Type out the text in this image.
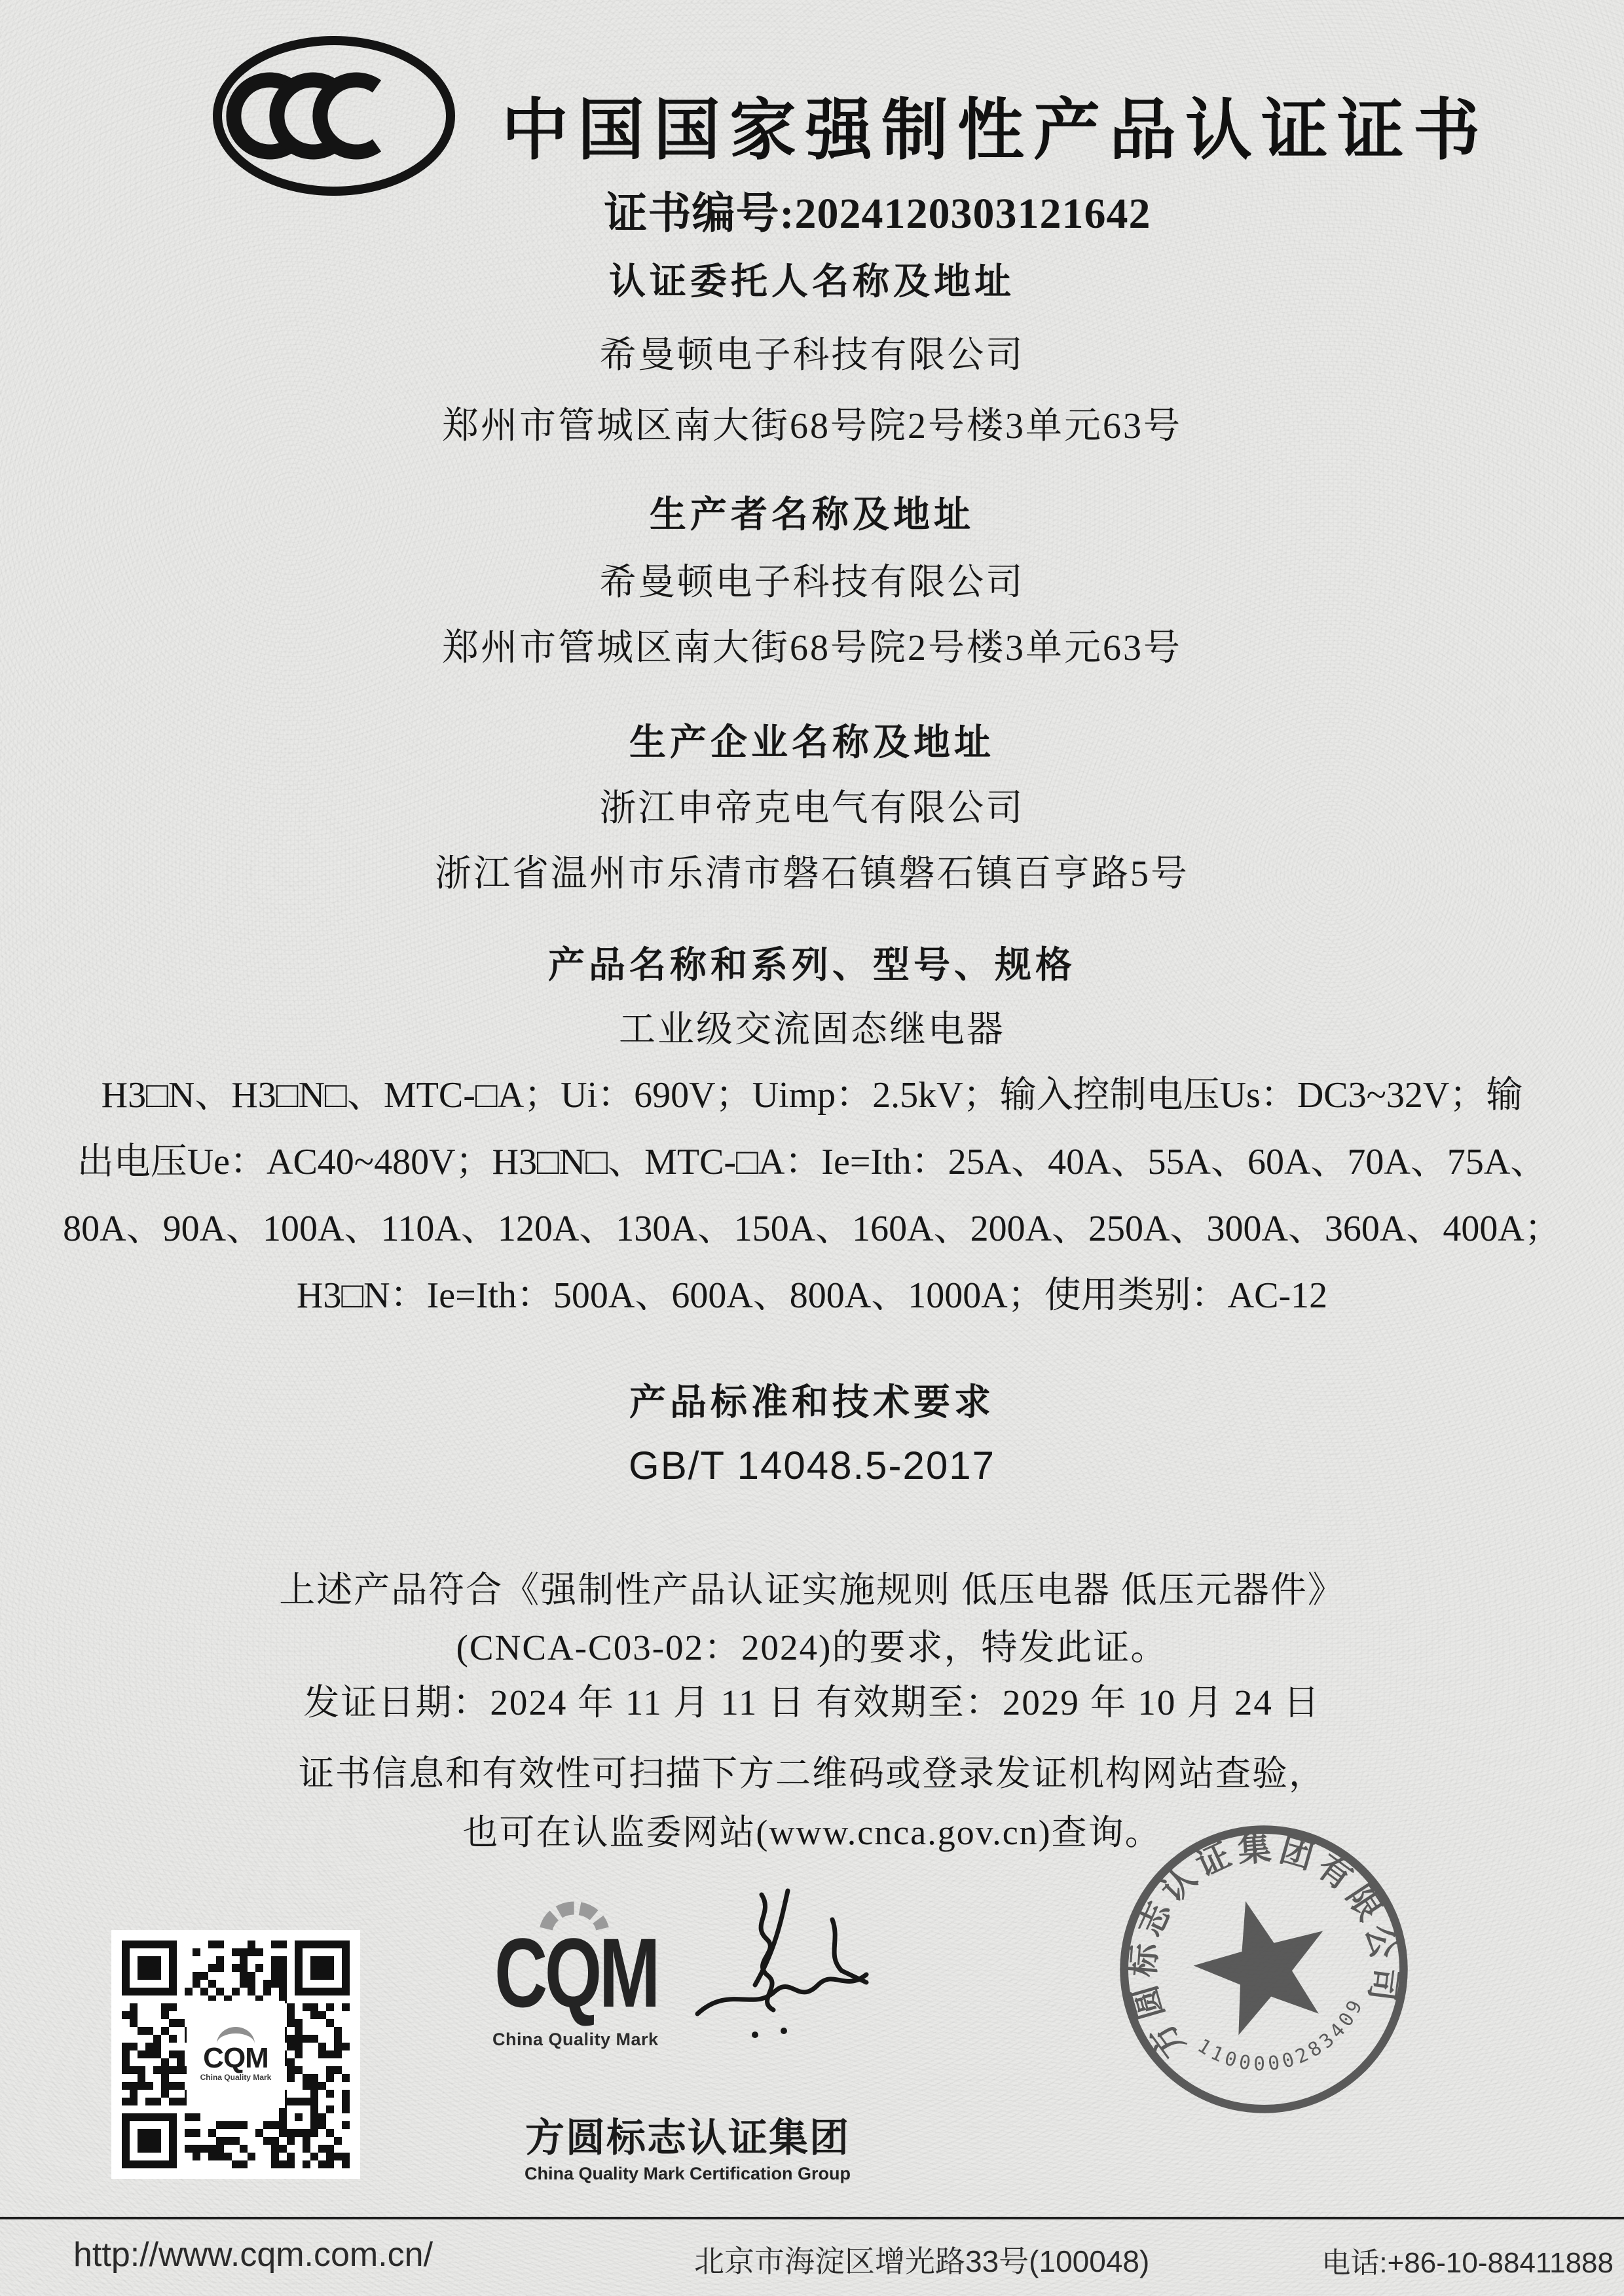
中国国家强制性产品认证证书
证书编号:2024120303121642
认证委托人名称及地址
希曼顿电子科技有限公司
郑州市管城区南大街68号院2号楼3单元63号
生产者名称及地址
希曼顿电子科技有限公司
郑州市管城区南大街68号院2号楼3单元63号
生产企业名称及地址
浙江申帝克电气有限公司
浙江省温州市乐清市磐石镇磐石镇百亨路5号
产品名称和系列、型号、规格
工业级交流固态继电器
H3□N、H3□N□、MTC-□A；Ui：690V；Uimp：2.5kV；输入控制电压Us：DC3~32V；输
出电压Ue：AC40~480V；H3□N□、MTC-□A：Ie=Ith：25A、40A、55A、60A、70A、75A、
80A、90A、100A、110A、120A、130A、150A、160A、200A、250A、300A、360A、400A；
H3□N：Ie=Ith：500A、600A、800A、1000A；使用类别：AC-12
产品标准和技术要求
GB/T 14048.5-2017
上述产品符合《强制性产品认证实施规则 低压电器 低压元器件》
(CNCA-C03-02：2024)的要求，特发此证。
发证日期：2024 年 11 月 11 日 有效期至：2029 年 10 月 24 日
证书信息和有效性可扫描下方二维码或登录发证机构网站查验，
也可在认监委网站(www.cnca.gov.cn)查询。
CQM
China Quality Mark
CQM
China Quality Mark
方圆标志认证集团
China Quality Mark Certification Group
方圆标志认证集团有限公司
1100000283409
http://www.cqm.com.cn/	北京市海淀区增光路33号(100048)	电话:+86-10-88411888
